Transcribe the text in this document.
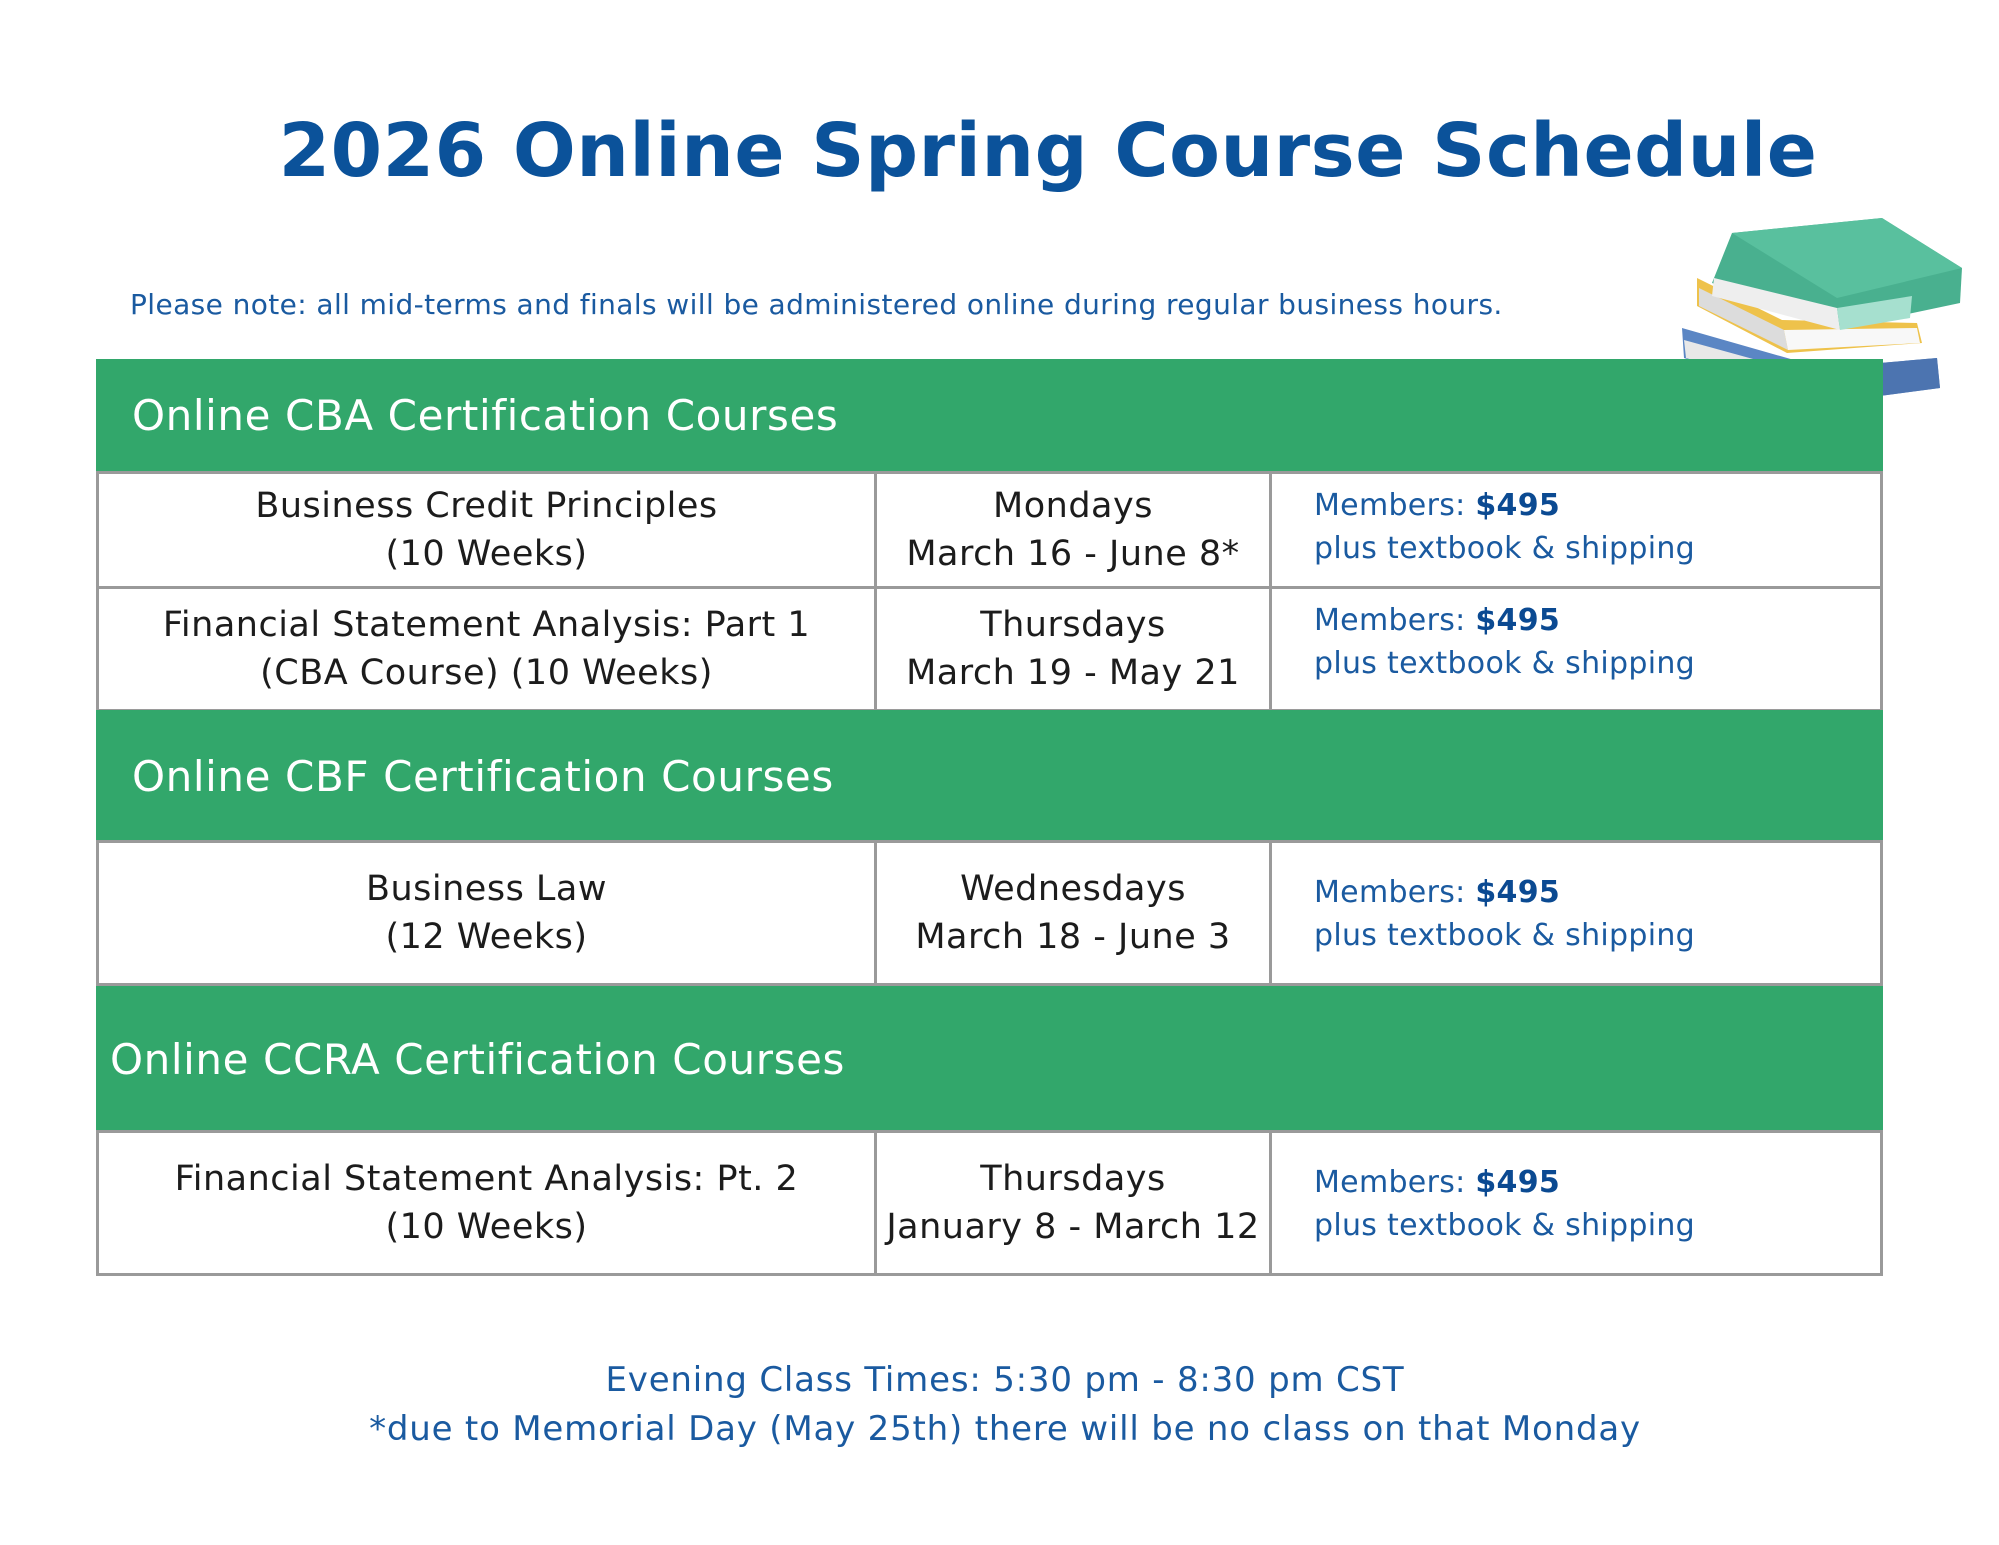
2026 Online Spring Course Schedule
Please note: all mid-terms and finals will be administered online during regular business hours.
Online CBA Certification Courses
Business Credit Principles
(10 Weeks)
Mondays
March 16 - June 8*
Members: $495
plus textbook & shipping
Financial Statement Analysis: Part 1
(CBA Course) (10 Weeks)
Thursdays
March 19 - May 21
Members: $495
plus textbook & shipping
Online CBF Certification Courses
Business Law
(12 Weeks)
Wednesdays
March 18 - June 3
Members: $495
plus textbook & shipping
Online CCRA Certification Courses
Financial Statement Analysis: Pt. 2
(10 Weeks)
Thursdays
January 8 - March 12
Members: $495
plus textbook & shipping
Evening Class Times: 5:30 pm - 8:30 pm CST
*due to Memorial Day (May 25th) there will be no class on that Monday
